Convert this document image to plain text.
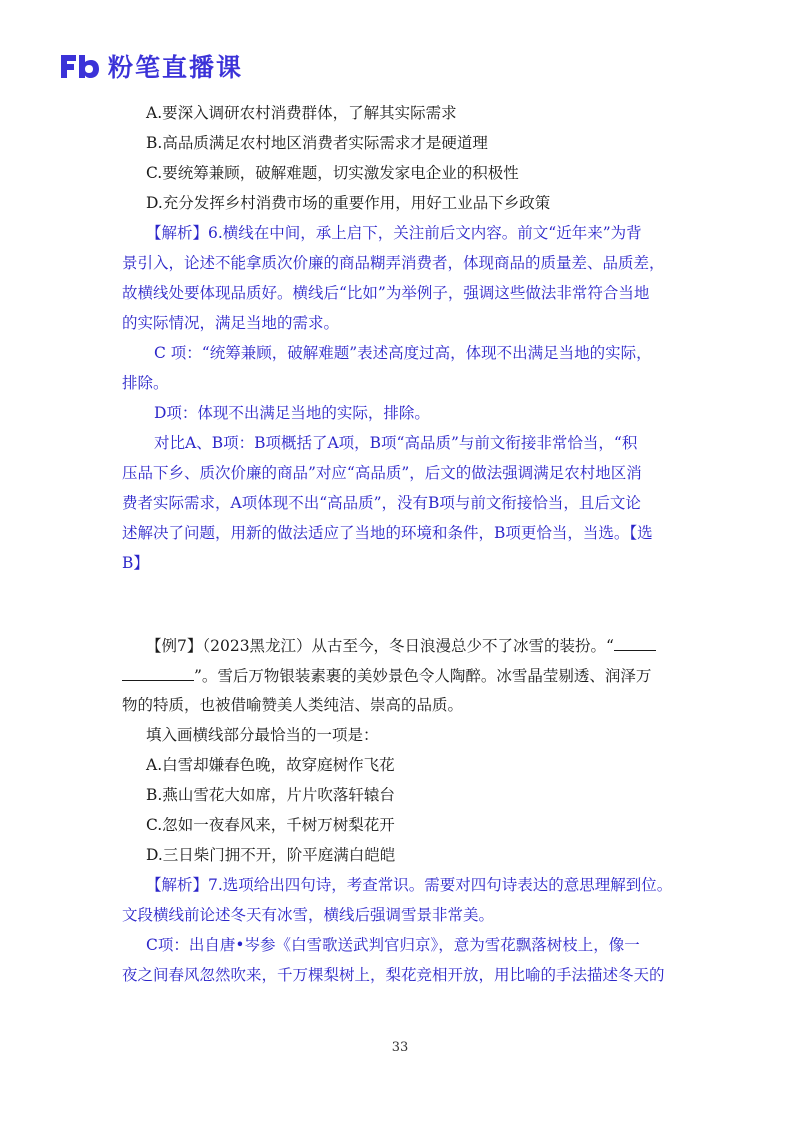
粉笔直播课
A.要深入调研农村消费群体，了解其实际需求
B.高品质满足农村地区消费者实际需求才是硬道理
C.要统筹兼顾，破解难题，切实激发家电企业的积极性
D.充分发挥乡村消费市场的重要作用，用好工业品下乡政策
【解析】6.横线在中间，承上启下，关注前后文内容。前文“近年来”为背
景引入，论述不能拿质次价廉的商品糊弄消费者，体现商品的质量差、品质差，
故横线处要体现品质好。横线后“比如”为举例子，强调这些做法非常符合当地
的实际情况，满足当地的需求。
C 项：“统筹兼顾，破解难题”表述高度过高，体现不出满足当地的实际，
排除。
D项：体现不出满足当地的实际，排除。
对比A、B项：B项概括了A项，B项“高品质”与前文衔接非常恰当，“积
压品下乡、质次价廉的商品”对应“高品质”，后文的做法强调满足农村地区消
费者实际需求，A项体现不出“高品质”，没有B项与前文衔接恰当，且后文论
述解决了问题，用新的做法适应了当地的环境和条件，B项更恰当，当选。【选
B】
【例7】（2023黑龙江）从古至今，冬日浪漫总少不了冰雪的装扮。“
”。雪后万物银装素裹的美妙景色令人陶醉。冰雪晶莹剔透、润泽万
物的特质，也被借喻赞美人类纯洁、崇高的品质。
填入画横线部分最恰当的一项是：
A.白雪却嫌春色晚，故穿庭树作飞花
B.燕山雪花大如席，片片吹落轩辕台
C.忽如一夜春风来，千树万树梨花开
D.三日柴门拥不开，阶平庭满白皑皑
【解析】7.选项给出四句诗，考查常识。需要对四句诗表达的意思理解到位。
文段横线前论述冬天有冰雪，横线后强调雪景非常美。
C项：出自唐•岑参《白雪歌送武判官归京》，意为雪花飘落树枝上，像一
夜之间春风忽然吹来，千万棵梨树上，梨花竞相开放，用比喻的手法描述冬天的
33
